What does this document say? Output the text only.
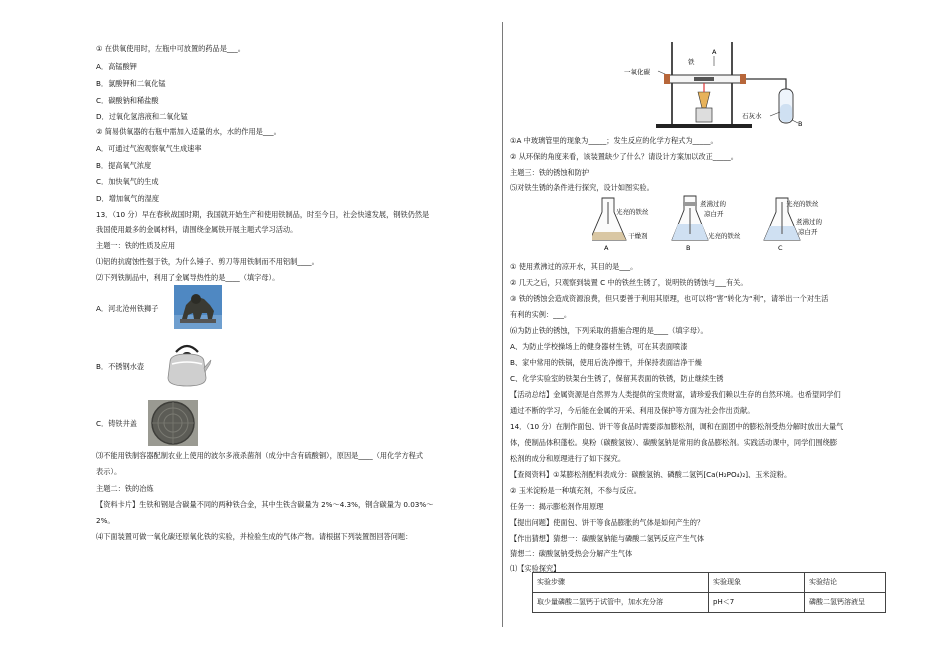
① 在供氧使用时，左瓶中可放置的药品是___。
A．高锰酸钾
B．氯酸钾和二氧化锰
C．碳酸钠和稀盐酸
D．过氧化氢溶液和二氧化锰
② 简易供氧器的右瓶中需加入适量的水，水的作用是___。
A．可通过气泡观察氧气生成速率
B．提高氧气浓度
C．加快氧气的生成
D．增加氧气的湿度
13．（10 分）早在春秋战国时期，我国就开始生产和使用铁制品，时至今日，社会快速发展，钢铁仍然是
我国使用最多的金属材料，请围绕金属铁开展主题式学习活动。
主题一：铁的性质及应用
⑴铝的抗腐蚀性强于铁，为什么锤子、剪刀等用铁制而不用铝制____。
⑵下列铁制品中，利用了金属导热性的是____（填字母）。
A．河北沧州铁狮子
B．不锈钢水壶
C．铸铁井盖
⑶不能用铁制容器配制农业上使用的波尔多液杀菌剂（成分中含有硫酸铜），原因是____（用化学方程式
表示）。
主题二：铁的冶炼
【资料卡片】生铁和钢是含碳量不同的两种铁合金，其中生铁含碳量为 2%～4.3%，钢含碳量为 0.03%～
2%。
⑷下面装置可做一氧化碳还原氧化铁的实验，并检验生成的气体产物。请根据下列装置图回答问题：
一氧化碳
铁
A
石灰水
B
①A 中玻璃管里的现象为_____；发生反应的化学方程式为_____。
② 从环保的角度来看，该装置缺少了什么？请设计方案加以改正_____。
主题三：铁的锈蚀和防护
⑸对铁生锈的条件进行探究，设计如图实验。
光亮的铁丝
干燥剂
A
煮沸过的
凉白开
光亮的铁丝
B
光亮的铁丝
煮沸过的
凉白开
C
① 使用煮沸过的凉开水，其目的是___。
② 几天之后，只观察到装置 C 中的铁丝生锈了，说明铁的锈蚀与___有关。
③ 铁的锈蚀会造成资源浪费，但只要善于利用其原理，也可以将“害”转化为“利”，请举出一个对生活
有利的实例：___。
⑹为防止铁的锈蚀，下列采取的措施合理的是____（填字母）。
A、为防止学校操场上的健身器材生锈，可在其表面喷漆
B、家中常用的铁锅，使用后洗净擦干，并保持表面洁净干燥
C、化学实验室的铁架台生锈了，保留其表面的铁锈，防止继续生锈
【活动总结】金属资源是自然界为人类提供的宝贵财富，请珍爱我们赖以生存的自然环境。也希望同学们
通过不断的学习，今后能在金属的开采、利用及保护等方面为社会作出贡献。
14．（10 分）在制作面包、饼干等食品时需要添加膨松剂，调和在面团中的膨松剂受热分解时放出大量气
体，使制品体积蓬松。臭粉（碳酸氢铵）、碳酸氢钠是常用的食品膨松剂。实践活动课中，同学们围绕膨
松剂的成分和原理进行了如下探究。
【查阅资料】①某膨松剂配料表成分：碳酸氢钠、磷酸二氢钙[Ca(H₂PO₄)₂]、玉米淀粉。
② 玉米淀粉是一种填充剂，不参与反应。
任务一：揭示膨松剂作用原理
【提出问题】使面包、饼干等食品膨胀的气体是如何产生的？
【作出猜想】猜想一：碳酸氢钠能与磷酸二氢钙反应产生气体
猜想二：碳酸氢钠受热会分解产生气体
⑴【实验探究】
实验步骤	实验现象	实验结论
取少量磷酸二氢钙于试管中，加水充分溶	pH＜7	磷酸二氢钙溶液呈
